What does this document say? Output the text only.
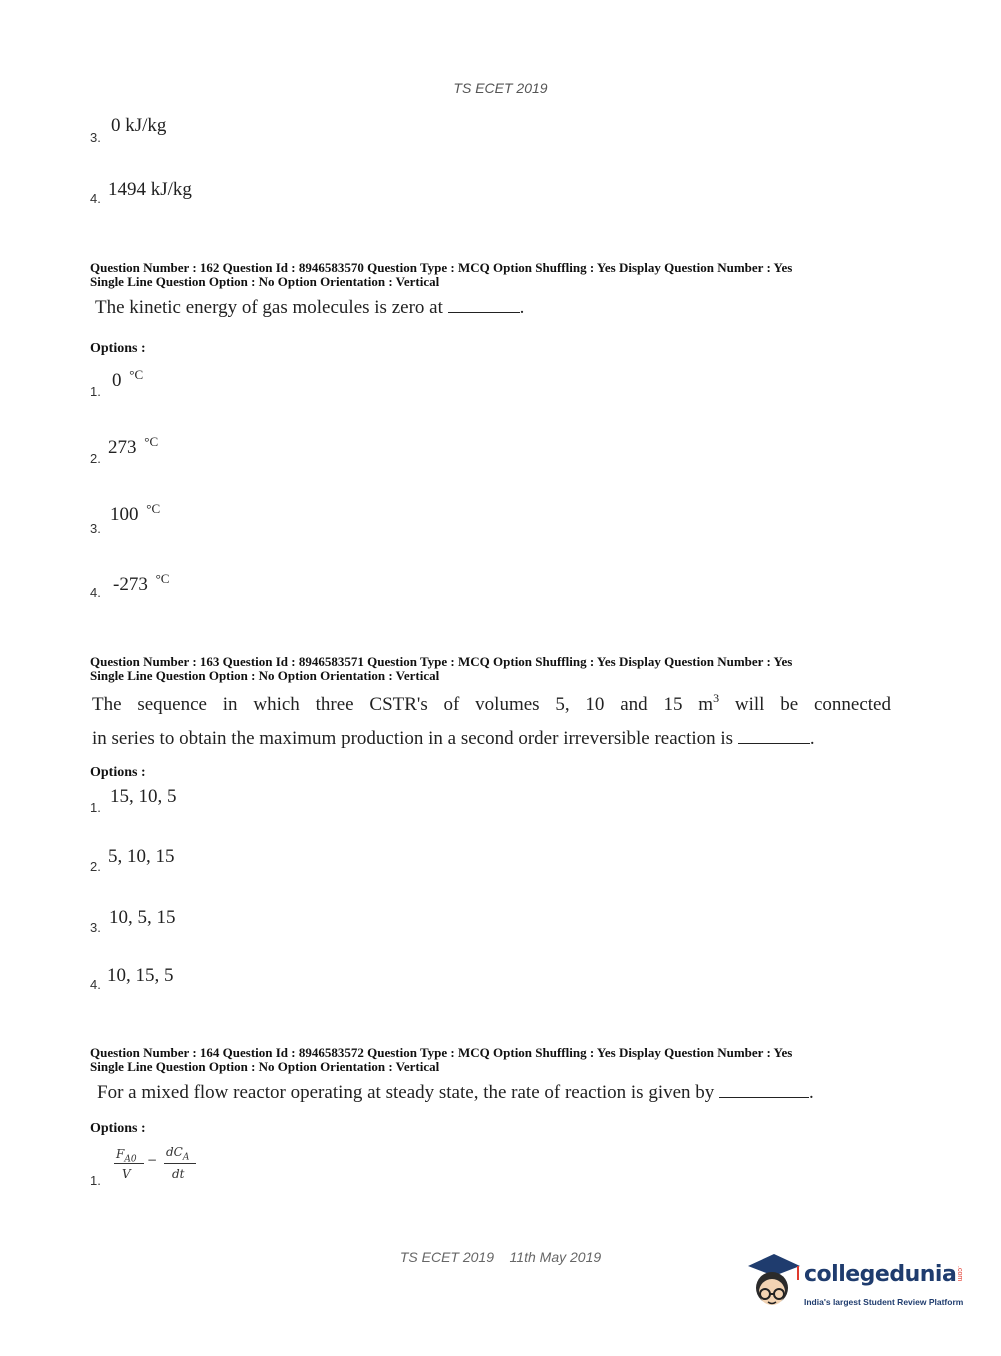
TS ECET 2019
3.
0 kJ/kg
4. 1494 kJ/kg
Question Number : 162 Question Id : 8946583570 Question Type : MCQ Option Shuffling : Yes Display Question Number : Yes
Single Line Question Option : No Option Orientation : Vertical
The kinetic energy of gas molecules is zero at	.
Options :
1.
0 $^{^\circ C}$
2.
273 $^{^\circ C}$
3.
100 $^{^\circ C}$
4. -273 $^{^\circ C}$
Question Number : 163 Question Id : 8946583571 Question Type : MCQ Option Shuffling : Yes Display Question Number : Yes
Single Line Question Option : No Option Orientation : Vertical
The sequence in which three CSTR's of volumes 5, 10 and 15 $m^3$ will be connected
in series to obtain the maximum production in a second order irreversible reaction is	.
Options :
1.
15, 10, 5
2. 5, 10, 15
3. 10, 5, 15
4. 10, 15, 5
Question Number : 164 Question Id : 8946583572 Question Type : MCQ Option Shuffling : Yes Display Question Number : Yes
Single Line Question Option : No Option Orientation : Vertical
For a mixed flow reactor operating at steady state, the rate of reaction is given by	.
Options :
1.
$F_{A0}$
V
−
$dC_A$
dt
TS ECET 2019    11th May 2019
collegedunia .com
India's largest Student Review Platform
